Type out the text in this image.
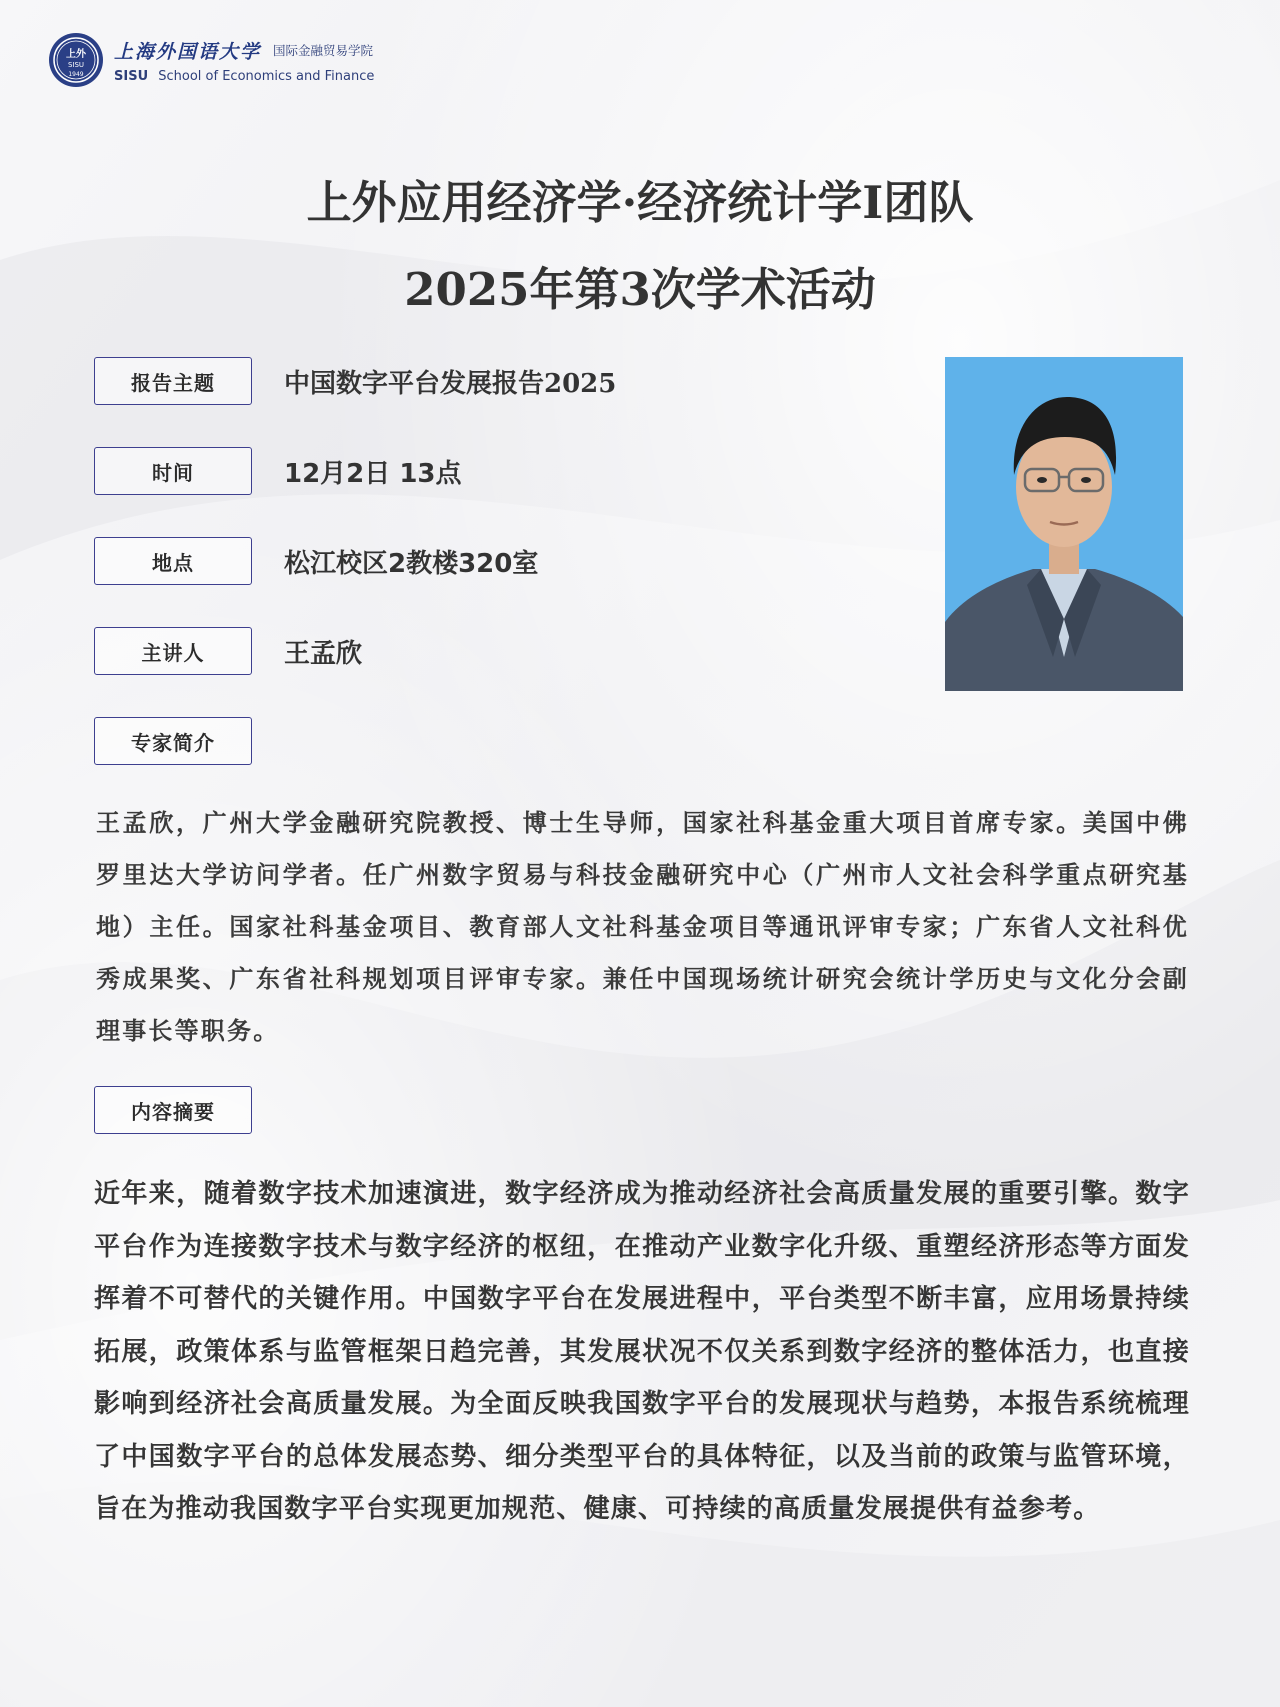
上外
SISU
1949
上海外国语大学 国际金融贸易学院
SISU School of Economics and Finance
上外应用经济学·经济统计学I团队
2025年第3次学术活动
报告主题	中国数字平台发展报告2025
时间	12月2日 13点
地点	松江校区2教楼320室
主讲人	王孟欣
专家简介

王孟欣，广州大学金融研究院教授、博士生导师，国家社科基金重大项目首席专家。美国中佛罗里达大学访问学者。任广州数字贸易与科技金融研究中心（广州市人文社会科学重点研究基地）主任。国家社科基金项目、教育部人文社科基金项目等通讯评审专家；广东省人文社科优秀成果奖、广东省社科规划项目评审专家。兼任中国现场统计研究会统计学历史与文化分会副理事长等职务。

内容摘要

近年来，随着数字技术加速演进，数字经济成为推动经济社会高质量发展的重要引擎。数字平台作为连接数字技术与数字经济的枢纽，在推动产业数字化升级、重塑经济形态等方面发挥着不可替代的关键作用。中国数字平台在发展进程中，平台类型不断丰富，应用场景持续拓展，政策体系与监管框架日趋完善，其发展状况不仅关系到数字经济的整体活力，也直接影响到经济社会高质量发展。为全面反映我国数字平台的发展现状与趋势，本报告系统梳理了中国数字平台的总体发展态势、细分类型平台的具体特征，以及当前的政策与监管环境，旨在为推动我国数字平台实现更加规范、健康、可持续的高质量发展提供有益参考。
